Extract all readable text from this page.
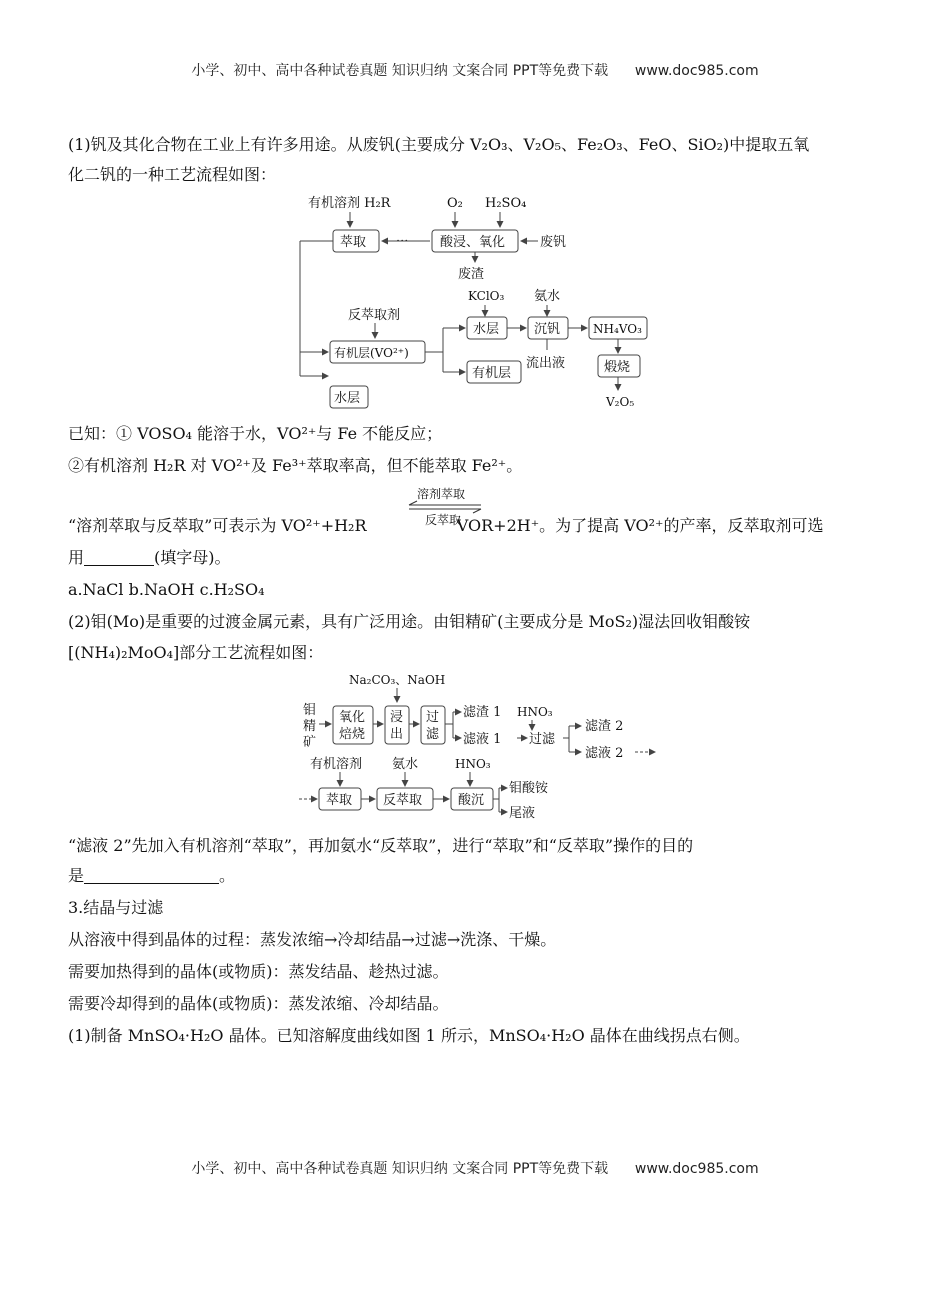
小学、初中、高中各种试卷真题 知识归纳 文案合同 PPT等免费下载 www.doc985.com
(1)钒及其化合物在工业上有许多用途。从废钒(主要成分 V₂O₃、V₂O₅、Fe₂O₃、FeO、SiO₂)中提取五氧
化二钒的一种工艺流程如图：
有机溶剂 H₂R	O₂ H₂SO₄
萃取 ··· 酸浸、氧化	废钒
废渣
反萃取剂
有机层(VO²⁺)
水层
KClO₃
水层
有机层
氨水
沉钒
流出液
NH₄VO₃
煅烧
V₂O₅
已知：① VOSO₄ 能溶于水，VO²⁺与 Fe 不能反应；
②有机溶剂 H₂R 对 VO²⁺及 Fe³⁺萃取率高，但不能萃取 Fe²⁺。
“溶剂萃取与反萃取”可表示为 VO²⁺+H₂R	VOR+2H⁺。为了提高 VO²⁺的产率，反萃取剂可选
溶剂萃取
反萃取
用	(填字母)。
a.NaCl b.NaOH c.H₂SO₄
(2)钼(Mo)是重要的过渡金属元素，具有广泛用途。由钼精矿(主要成分是 MoS₂)湿法回收钼酸铵
[(NH₄)₂MoO₄]部分工艺流程如图：
Na₂CO₃、NaOH
钼精矿
氧化焙烧
浸出
过滤
滤渣 1
滤液 1
HNO₃
过滤
滤渣 2
滤液 2
有机溶剂 氨水	HNO₃
萃取 反萃取	酸沉
钼酸铵
尾液
“滤液 2”先加入有机溶剂“萃取”，再加氨水“反萃取”，进行“萃取”和“反萃取”操作的目的
是	。
3.结晶与过滤
从溶液中得到晶体的过程：蒸发浓缩→冷却结晶→过滤→洗涤、干燥。
需要加热得到的晶体(或物质)：蒸发结晶、趁热过滤。
需要冷却得到的晶体(或物质)：蒸发浓缩、冷却结晶。
(1)制备 MnSO₄·H₂O 晶体。已知溶解度曲线如图 1 所示，MnSO₄·H₂O 晶体在曲线拐点右侧。
小学、初中、高中各种试卷真题 知识归纳 文案合同 PPT等免费下载 www.doc985.com
